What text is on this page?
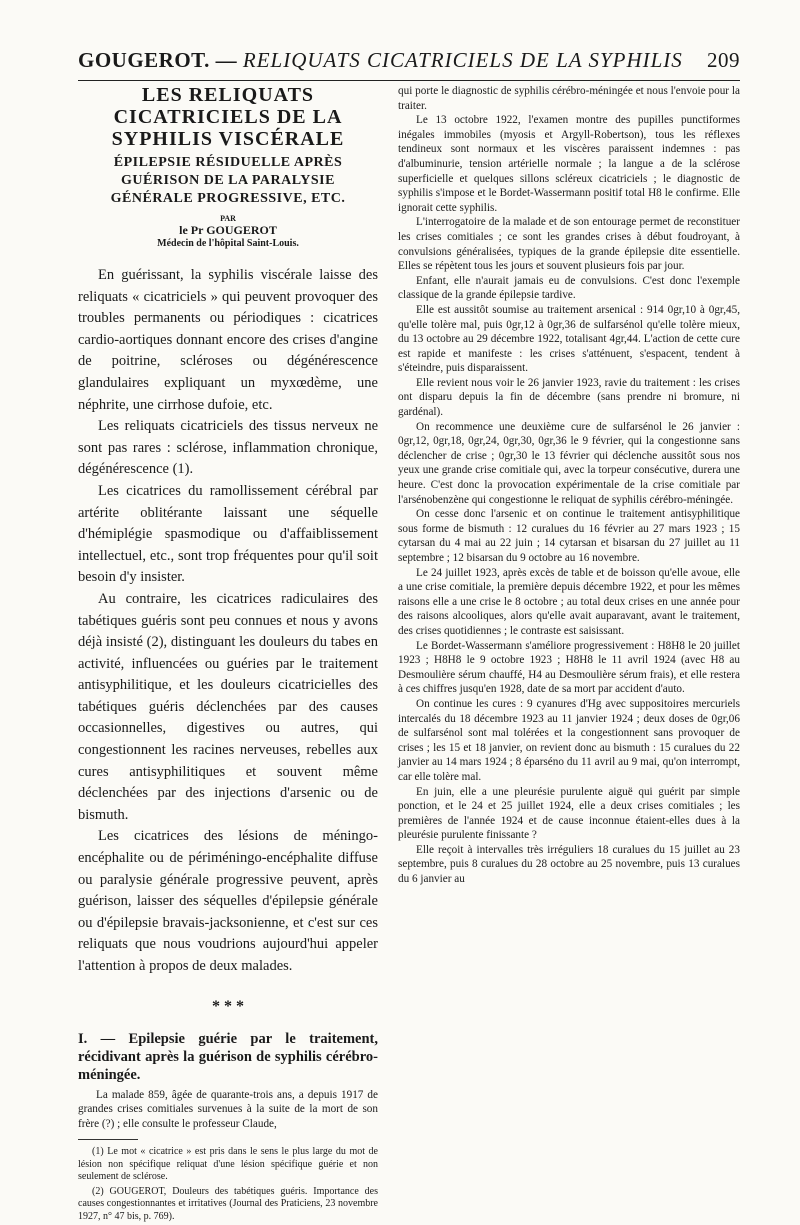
GOUGEROT. — RELIQUATS CICATRICIELS DE LA SYPHILIS	209
LES RELIQUATS CICATRICIELS DE LA SYPHILIS VISCÉRALE
ÉPILEPSIE RÉSIDUELLE APRÈS GUÉRISON DE LA PARALYSIE GÉNÉRALE PROGRESSIVE, ETC.

PAR

le Pr GOUGEROT

Médecin de l'hôpital Saint-Louis.

En guérissant, la syphilis viscérale laisse des reliquats « cicatriciels » qui peuvent provoquer des troubles permanents ou périodiques : cicatrices cardio-aortiques donnant encore des crises d'angine de poitrine, scléroses ou dégénérescence glandulaires expliquant un myxœdème, une néphrite, une cirrhose dufoie, etc.

Les reliquats cicatriciels des tissus nerveux ne sont pas rares : sclérose, inflammation chronique, dégénérescence (1).

Les cicatrices du ramollissement cérébral par artérite oblitérante laissant une séquelle d'hémiplégie spasmodique ou d'affaiblissement intellectuel, etc., sont trop fréquentes pour qu'il soit besoin d'y insister.

Au contraire, les cicatrices radiculaires des tabétiques guéris sont peu connues et nous y avons déjà insisté (2), distinguant les douleurs du tabes en activité, influencées ou guéries par le traitement antisyphilitique, et les douleurs cicatricielles des tabétiques guéris déclenchées par des causes occasionnelles, digestives ou autres, qui congestionnent les racines nerveuses, rebelles aux cures antisyphilitiques et souvent même déclenchées par des injections d'arsenic ou de bismuth.

Les cicatrices des lésions de méningo-encéphalite ou de périméningo-encéphalite diffuse ou paralysie générale progressive peuvent, après guérison, laisser des séquelles d'épilepsie générale ou d'épilepsie bravais-jacksonienne, et c'est sur ces reliquats que nous voudrions aujourd'hui appeler l'attention à propos de deux malades.

* * *
I. — Epilepsie guérie par le traitement, récidivant après la guérison de syphilis cérébro-méningée.

La malade 859, âgée de quarante-trois ans, a depuis 1917 de grandes crises comitiales survenues à la suite de la mort de son frère (?) ; elle consulte le professeur Claude,

(1) Le mot « cicatrice » est pris dans le sens le plus large du mot de lésion non spécifique reliquat d'une lésion spécifique guérie et non seulement de sclérose.

(2) GOUGEROT, Douleurs des tabétiques guéris. Importance des causes congestionnantes et irritatives (Journal des Praticiens, 23 novembre 1927, n° 47 bis, p. 769).

qui porte le diagnostic de syphilis cérébro-méningée et nous l'envoie pour la traiter.

Le 13 octobre 1922, l'examen montre des pupilles punctiformes inégales immobiles (myosis et Argyll-Robertson), tous les réflexes tendineux sont normaux et les viscères paraissent indemnes : pas d'albuminurie, tension artérielle normale ; la langue a de la sclérose superficielle et quelques sillons scléreux cicatriciels ; le diagnostic de syphilis s'impose et le Bordet-Wassermann positif total H8 le confirme. Elle ignorait cette syphilis.

L'interrogatoire de la malade et de son entourage permet de reconstituer les crises comitiales ; ce sont les grandes crises à début foudroyant, à convulsions généralisées, typiques de la grande épilepsie dite essentielle. Elles se répètent tous les jours et souvent plusieurs fois par jour.

Enfant, elle n'aurait jamais eu de convulsions. C'est donc l'exemple classique de la grande épilepsie tardive.

Elle est aussitôt soumise au traitement arsenical : 914 0gr,10 à 0gr,45, qu'elle tolère mal, puis 0gr,12 à 0gr,36 de sulfarsénol qu'elle tolère mieux, du 13 octobre au 29 décembre 1922, totalisant 4gr,44. L'action de cette cure est rapide et manifeste : les crises s'atténuent, s'espacent, tendent à s'éteindre, puis disparaissent.

Elle revient nous voir le 26 janvier 1923, ravie du traitement : les crises ont disparu depuis la fin de décembre (sans prendre ni bromure, ni gardénal).

On recommence une deuxième cure de sulfarsénol le 26 janvier : 0gr,12, 0gr,18, 0gr,24, 0gr,30, 0gr,36 le 9 février, qui la congestionne sans déclencher de crise ; 0gr,30 le 13 février qui déclenche aussitôt sous nos yeux une grande crise comitiale qui, avec la torpeur consécutive, durera une heure. C'est donc la provocation expérimentale de la crise comitiale par l'arsénobenzène qui congestionne le reliquat de syphilis cérébro-méningée.

On cesse donc l'arsenic et on continue le traitement antisyphilitique sous forme de bismuth : 12 curalues du 16 février au 27 mars 1923 ; 15 cytarsan du 4 mai au 22 juin ; 14 cytarsan et bisarsan du 27 juillet au 11 septembre ; 12 bisarsan du 9 octobre au 16 novembre.

Le 24 juillet 1923, après excès de table et de boisson qu'elle avoue, elle a une crise comitiale, la première depuis décembre 1922, et pour les mêmes raisons elle a une crise le 8 octobre ; au total deux crises en une année pour des raisons alcooliques, alors qu'elle avait auparavant, avant le traitement, des crises quotidiennes ; le contraste est saisissant.

Le Bordet-Wassermann s'améliore progressivement : H8H8 le 20 juillet 1923 ; H8H8 le 9 octobre 1923 ; H8H8 le 11 avril 1924 (avec H8 au Desmoulière sérum chauffé, H4 au Desmoulière sérum frais), et elle restera à ces chiffres jusqu'en 1928, date de sa mort par accident d'auto.

On continue les cures : 9 cyanures d'Hg avec suppositoires mercuriels intercalés du 18 décembre 1923 au 11 janvier 1924 ; deux doses de 0gr,06 de sulfarsénol sont mal tolérées et la congestionnent sans provoquer de crises ; les 15 et 18 janvier, on revient donc au bismuth : 15 curalues du 22 janvier au 14 mars 1924 ; 8 éparséno du 11 avril au 9 mai, qu'on interrompt, car elle tolère mal.

En juin, elle a une pleurésie purulente aiguë qui guérit par simple ponction, et le 24 et 25 juillet 1924, elle a deux crises comitiales ; les premières de l'année 1924 et de cause inconnue étaient-elles dues à la pleurésie purulente finissante ?

Elle reçoit à intervalles très irréguliers 18 curalues du 15 juillet au 23 septembre, puis 8 curalues du 28 octobre au 25 novembre, puis 13 curalues du 6 janvier au
